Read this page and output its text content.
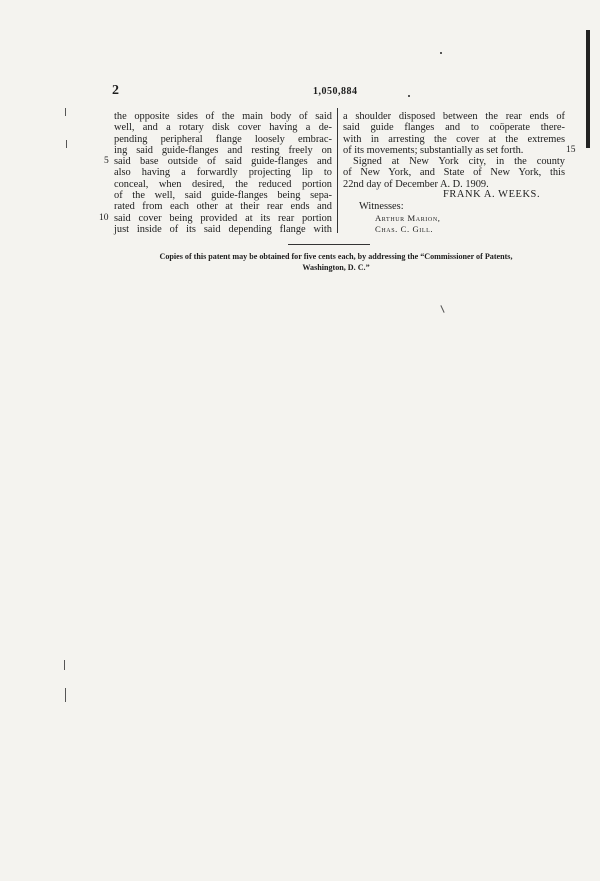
2	1,050,884
the opposite sides of the main body of said
well, and a rotary disk cover having a de-
pending peripheral flange loosely embrac-
ing said guide-flanges and resting freely on
said base outside of said guide-flanges and
also having a forwardly projecting lip to
conceal, when desired, the reduced portion
of the well, said guide-flanges being sepa-
rated from each other at their rear ends and
said cover being provided at its rear portion
just inside of its said depending flange with
a shoulder disposed between the rear ends of
said guide flanges and to coöperate there-
with in arresting the cover at the extremes
of its movements; substantially as set forth.
Signed at New York city, in the county
of New York, and State of New York, this
22nd day of December A. D. 1909.
5
10
15
FRANK A. WEEKS.
Witnesses:
Arthur Marion,
Chas. C. Gill.
Copies of this patent may be obtained for five cents each, by addressing the “Commissioner of Patents,
Washington, D. C.”
